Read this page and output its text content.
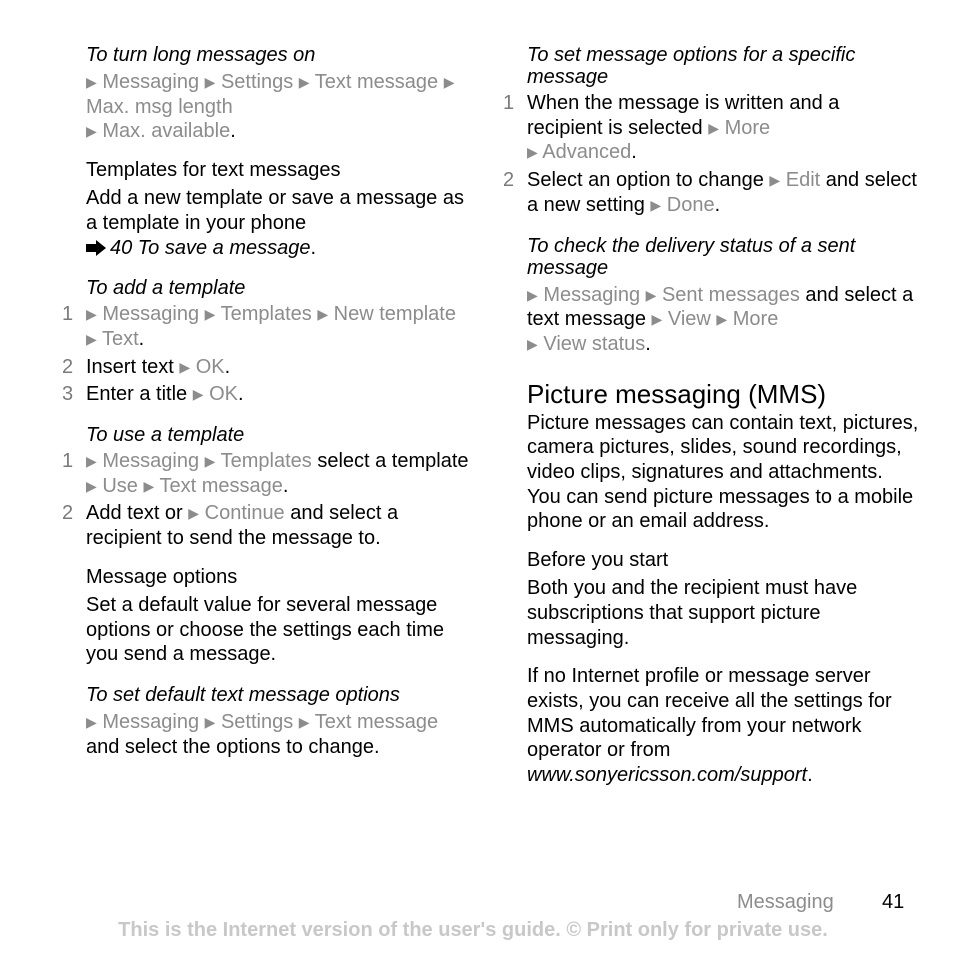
To turn long messages on

▶ Messaging ▶ Settings ▶ Text message ▶ Max. msg length
▶ Max. available.

Templates for text messages

Add a new template or save a message as a template in your phone
40 To save a message.

To add a template

1 ▶ Messaging ▶ Templates ▶ New template ▶ Text.
2 Insert text ▶ OK.
3 Enter a title ▶ OK.

To use a template

1 ▶ Messaging ▶ Templates select a template ▶ Use ▶ Text message.
2 Add text or ▶ Continue and select a recipient to send the message to.

Message options

Set a default value for several message options or choose the settings each time you send a message.

To set default text message options

▶ Messaging ▶ Settings ▶ Text message and select the options to change.

To set message options for a specific message

1 When the message is written and a recipient is selected ▶ More
▶ Advanced.
2 Select an option to change ▶ Edit and select a new setting ▶ Done.

To check the delivery status of a sent message

▶ Messaging ▶ Sent messages and select a text message ▶ View ▶ More
▶ View status.

Picture messaging (MMS)

Picture messages can contain text, pictures, camera pictures, slides, sound recordings, video clips, signatures and attachments. You can send picture messages to a mobile phone or an email address.

Before you start

Both you and the recipient must have subscriptions that support picture messaging.

If no Internet profile or message server exists, you can receive all the settings for MMS automatically from your network operator or from www.sonyericsson.com/support.

Messaging 41
This is the Internet version of the user's guide. © Print only for private use.
